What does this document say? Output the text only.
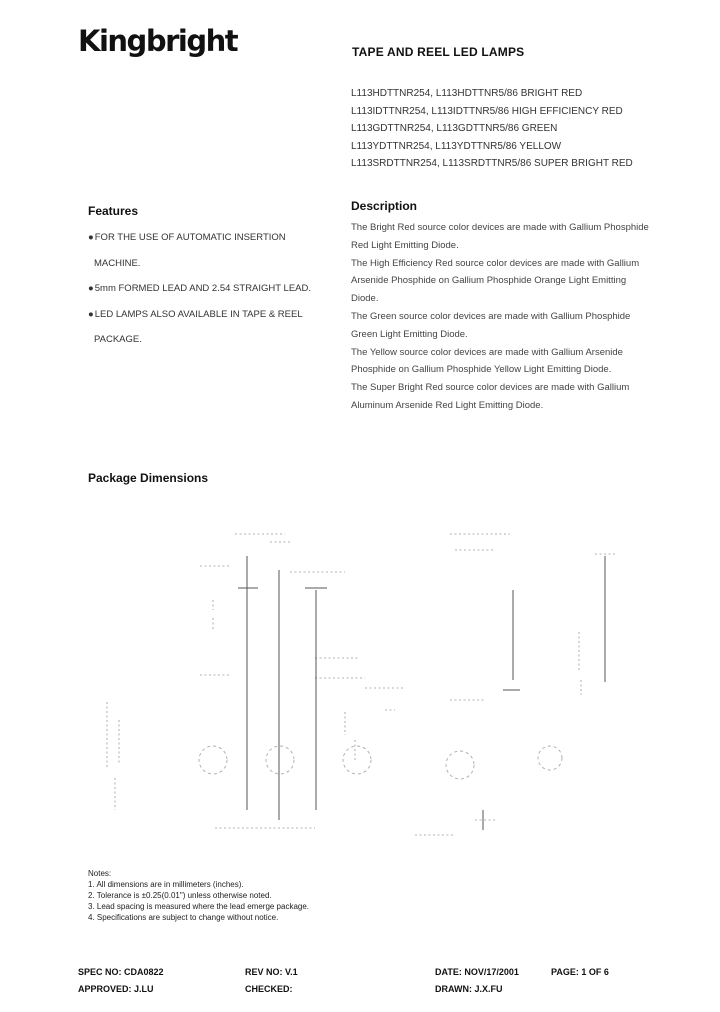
Kingbright	TAPE AND REEL LED LAMPS
L113HDTTNR254, L113HDTTNR5/86 BRIGHT RED
L113IDTTNR254, L113IDTTNR5/86 HIGH EFFICIENCY RED
L113GDTTNR254, L113GDTTNR5/86 GREEN
L113YDTTNR254, L113YDTTNR5/86 YELLOW
L113SRDTTNR254, L113SRDTTNR5/86 SUPER BRIGHT RED
Features
●FOR THE USE OF AUTOMATIC INSERTION
MACHINE.
●5mm FORMED LEAD AND 2.54 STRAIGHT LEAD.
●LED LAMPS ALSO AVAILABLE IN TAPE & REEL
PACKAGE.
Description

The Bright Red source color devices are made with Gallium Phosphide Red Light Emitting Diode.

The High Efficiency Red source color devices are made with Gallium Arsenide Phosphide on Gallium Phosphide Orange Light Emitting Diode.

The Green source color devices are made with Gallium Phosphide Green Light Emitting Diode.

The Yellow source color devices are made with Gallium Arsenide Phosphide on Gallium Phosphide Yellow Light Emitting Diode.

The Super Bright Red source color devices are made with Gallium Aluminum Arsenide Red Light Emitting Diode.

Package Dimensions
Notes:
1. All dimensions are in millimeters (inches).
2. Tolerance is ±0.25(0.01") unless otherwise noted.
3. Lead spacing is measured where the lead emerge package.
4. Specifications are subject to change without notice.
SPEC NO: CDA0822	REV NO: V.1	DATE: NOV/17/2001	PAGE: 1 OF 6
APPROVED: J.LU	CHECKED:	DRAWN: J.X.FU
